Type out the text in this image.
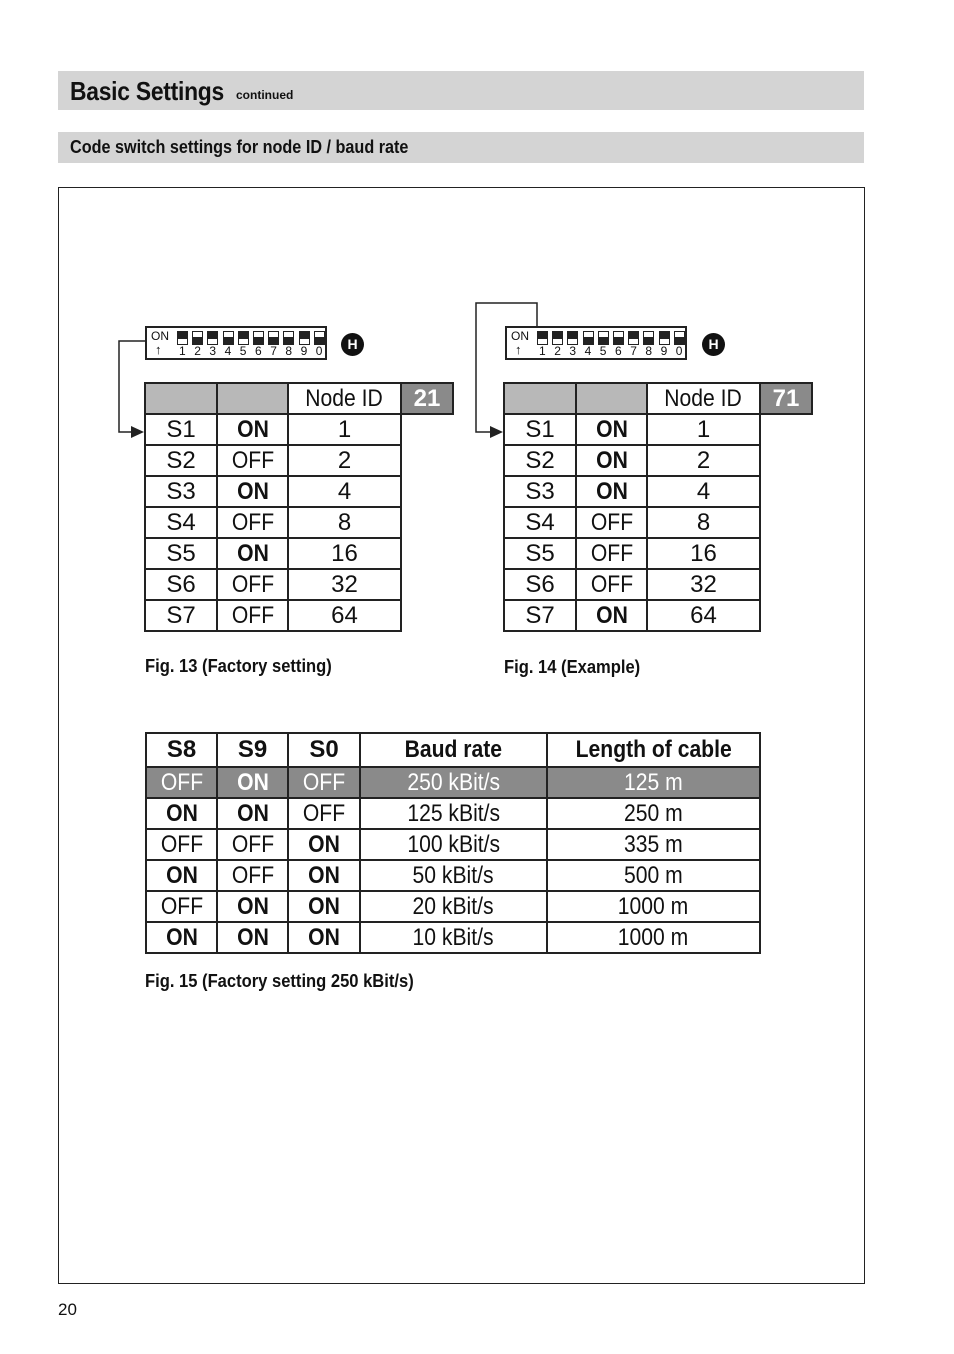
Basic Settings continued
Code switch settings for node ID / baud rate
ON
↑ 1 2 3 4 5 6 7 8 9 0	H	ON
↑ 1 2 3 4 5 6 7 8 9 0	H
		Node ID	21
S1	ON	1	
S2	OFF	2	
S3	ON	4	
S4	OFF	8	
S5	ON	16	
S6	OFF	32	
S7	OFF	64	
Fig. 13 (Factory setting)
		Node ID	71
S1	ON	1	
S2	ON	2	
S3	ON	4	
S4	OFF	8	
S5	OFF	16	
S6	OFF	32	
S7	ON	64	
Fig. 14 (Example)
S8	S9	S0	Baud rate	Length of cable
OFF	ON	OFF	250 kBit/s	125 m
ON	ON	OFF	125 kBit/s	250 m
OFF	OFF	ON	100 kBit/s	335 m
ON	OFF	ON	50 kBit/s	500 m
OFF	ON	ON	20 kBit/s	1000 m
ON	ON	ON	10 kBit/s	1000 m
Fig. 15 (Factory setting 250 kBit/s)
20
